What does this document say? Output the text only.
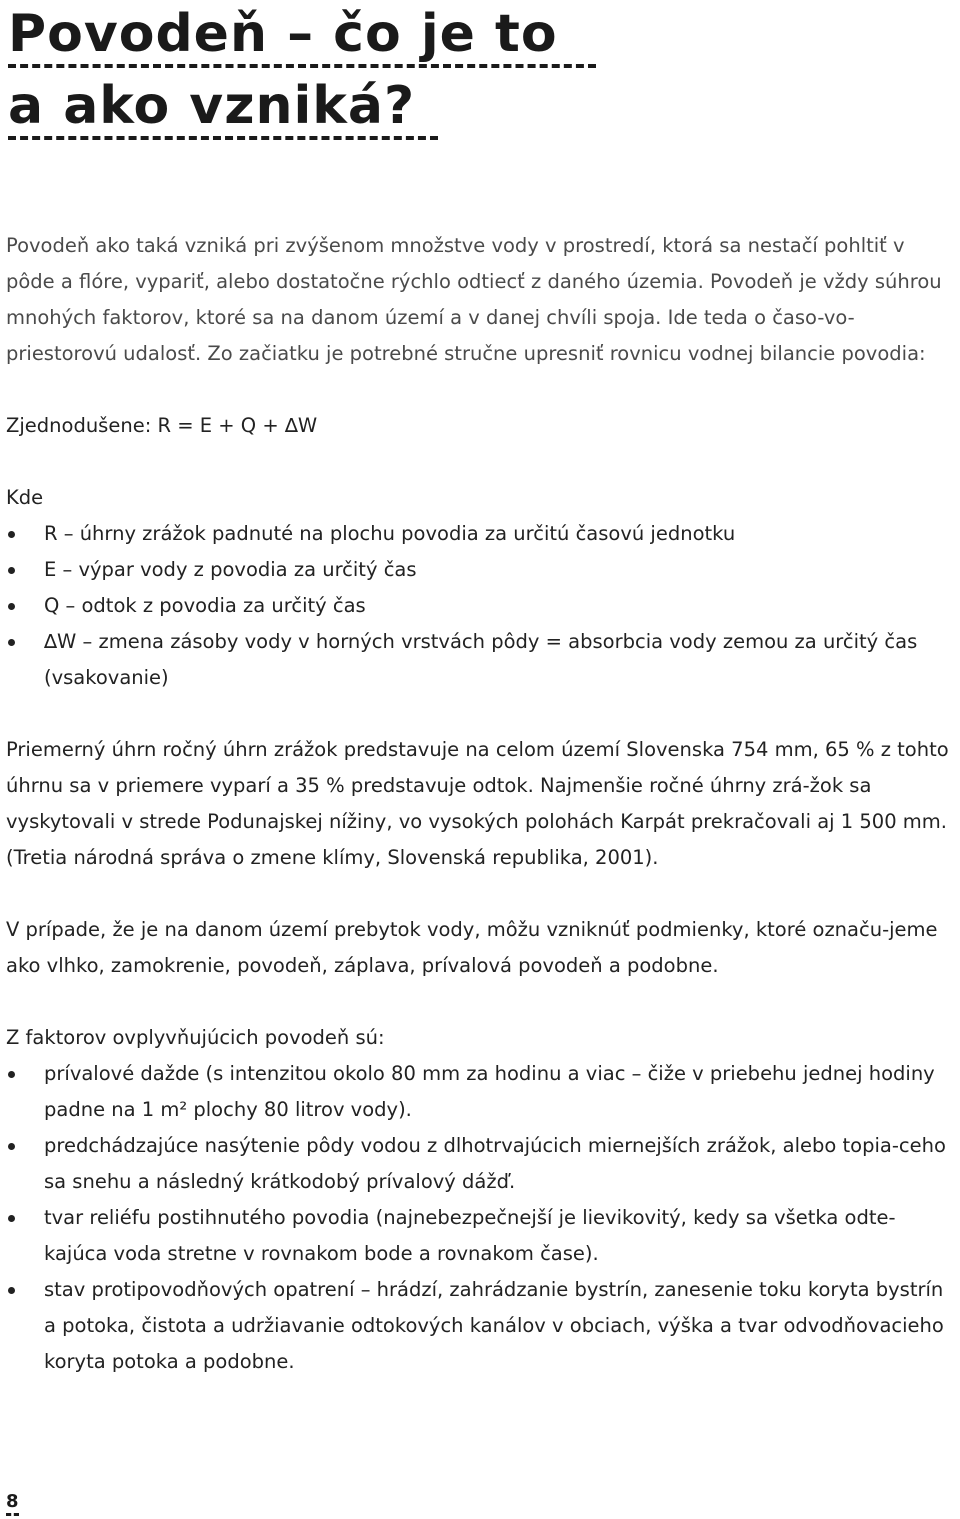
Povodeň – čo je to
a ako vzniká?

Povodeň ako taká vzniká pri zvýšenom množstve vody v prostredí, ktorá sa nestačí pohltiť v pôde a flóre, vypariť, alebo dostatočne rýchlo odtiecť z daného územia. Povodeň je vždy súhrou mnohých faktorov, ktoré sa na danom území a v danej chvíli spoja. Ide teda o časo-vo-priestorovú udalosť. Zo začiatku je potrebné stručne upresniť rovnicu vodnej bilancie povodia:

Zjednodušene: R = E + Q + ∆W

Kde

R – úhrny zrážok padnuté na plochu povodia za určitú časovú jednotku
E – výpar vody z povodia za určitý čas
Q – odtok z povodia za určitý čas
∆W – zmena zásoby vody v horných vrstvách pôdy = absorbcia vody zemou za určitý čas (vsakovanie)

Priemerný úhrn ročný úhrn zrážok predstavuje na celom území Slovenska 754 mm, 65 % z tohto úhrnu sa v priemere vyparí a 35 % predstavuje odtok. Najmenšie ročné úhrny zrá-žok sa vyskytovali v strede Podunajskej nížiny, vo vysokých polohách Karpát prekračovali aj 1 500 mm. (Tretia národná správa o zmene klímy, Slovenská republika, 2001).

V prípade, že je na danom území prebytok vody, môžu vzniknúť podmienky, ktoré označu-jeme ako vlhko, zamokrenie, povodeň, záplava, prívalová povodeň a podobne.

Z faktorov ovplyvňujúcich povodeň sú:

prívalové dažde (s intenzitou okolo 80 mm za hodinu a viac – čiže v priebehu jednej hodiny padne na 1 m² plochy 80 litrov vody).
predchádzajúce nasýtenie pôdy vodou z dlhotrvajúcich miernejších zrážok, alebo topia-ceho sa snehu a následný krátkodobý prívalový dážď.
tvar reliéfu postihnutého povodia (najnebezpečnejší je lievikovitý, kedy sa všetka odte-kajúca voda stretne v rovnakom bode a rovnakom čase).
stav protipovodňových opatrení – hrádzí, zahrádzanie bystrín, zanesenie toku koryta bystrín a potoka, čistota a udržiavanie odtokových kanálov v obciach, výška a tvar odvodňovacieho koryta potoka a podobne.
8
